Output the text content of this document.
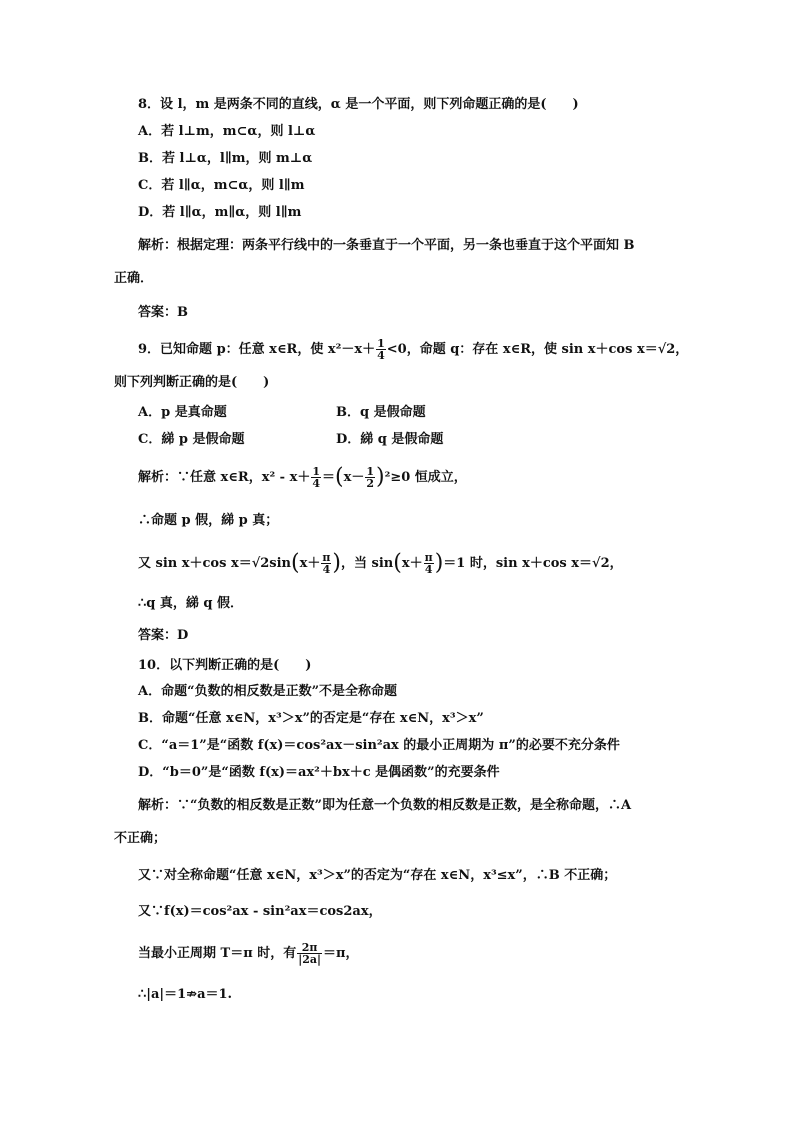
8．设 l，m 是两条不同的直线，α 是一个平面，则下列命题正确的是(　　)
A．若 l⊥m，m⊂α，则 l⊥α
B．若 l⊥α，l∥m，则 m⊥α
C．若 l∥α，m⊂α，则 l∥m
D．若 l∥α，m∥α，则 l∥m
解析：根据定理：两条平行线中的一条垂直于一个平面，另一条也垂直于这个平面知 B
正确．
答案：B
9．已知命题 p：任意 x∈R，使 $x^2-x+ \frac{1}{4} <0$，命题 q：存在 x∈R，使 sin x＋cos x＝√2，
则下列判断正确的是(　　)
A．p 是真命题	B．q 是假命题
C．綈 p 是假命题	D．綈 q 是假命题
解析：∵任意 x∈R，$x^2 - x+ \frac{1}{4} =(x- \frac{1}{2} )^2\ge 0$ 恒成立，
∴命题 p 假，綈 p 真；
又 sin x＋cos $x=√2\sin(x+ \frac{\pi}{4}$ )，当 $\sin(x+ \frac{\pi}{4} )=1$ 时，sin x＋cos x＝√2，
∴q 真，綈 q 假．
答案：D
10．以下判断正确的是(　　)
A．命题“负数的相反数是正数”不是全称命题
B．命题“任意 x∈N，x³＞x”的否定是“存在 x∈N，x³＞x”
C．“a＝1”是“函数 f(x)＝cos²ax－sin²ax 的最小正周期为 π”的必要不充分条件
D．“b＝0”是“函数 f(x)＝ax²＋bx＋c 是偶函数”的充要条件
解析：∵“负数的相反数是正数”即为任意一个负数的相反数是正数，是全称命题，∴A
不正确；
又∵对全称命题“任意 x∈N，x³＞x”的否定为“存在 x∈N，x³≤x”，∴B 不正确；
又∵f(x)＝cos²ax - sin²ax＝cos2ax，
当最小正周期 T＝π 时，有 $\frac{2\pi}{|2a|} =\pi$，
∴|a|＝1⇏a＝1.
